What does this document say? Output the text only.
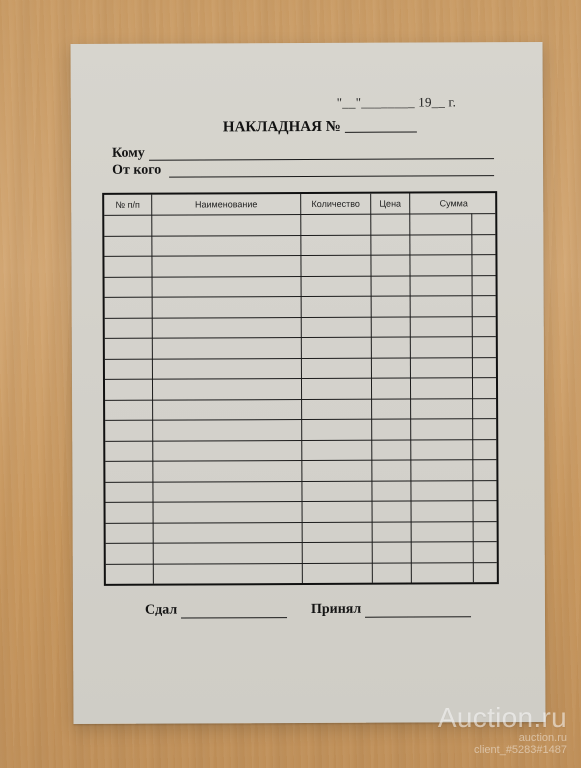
"__"________ 19__ г.
НАКЛАДНАЯ №
Кому
От кого
№ п/п	Наименование	Количество	Цена	Сумма
Сдал	Принял
Auction.ru
auction.ru
client_#5283#1487
